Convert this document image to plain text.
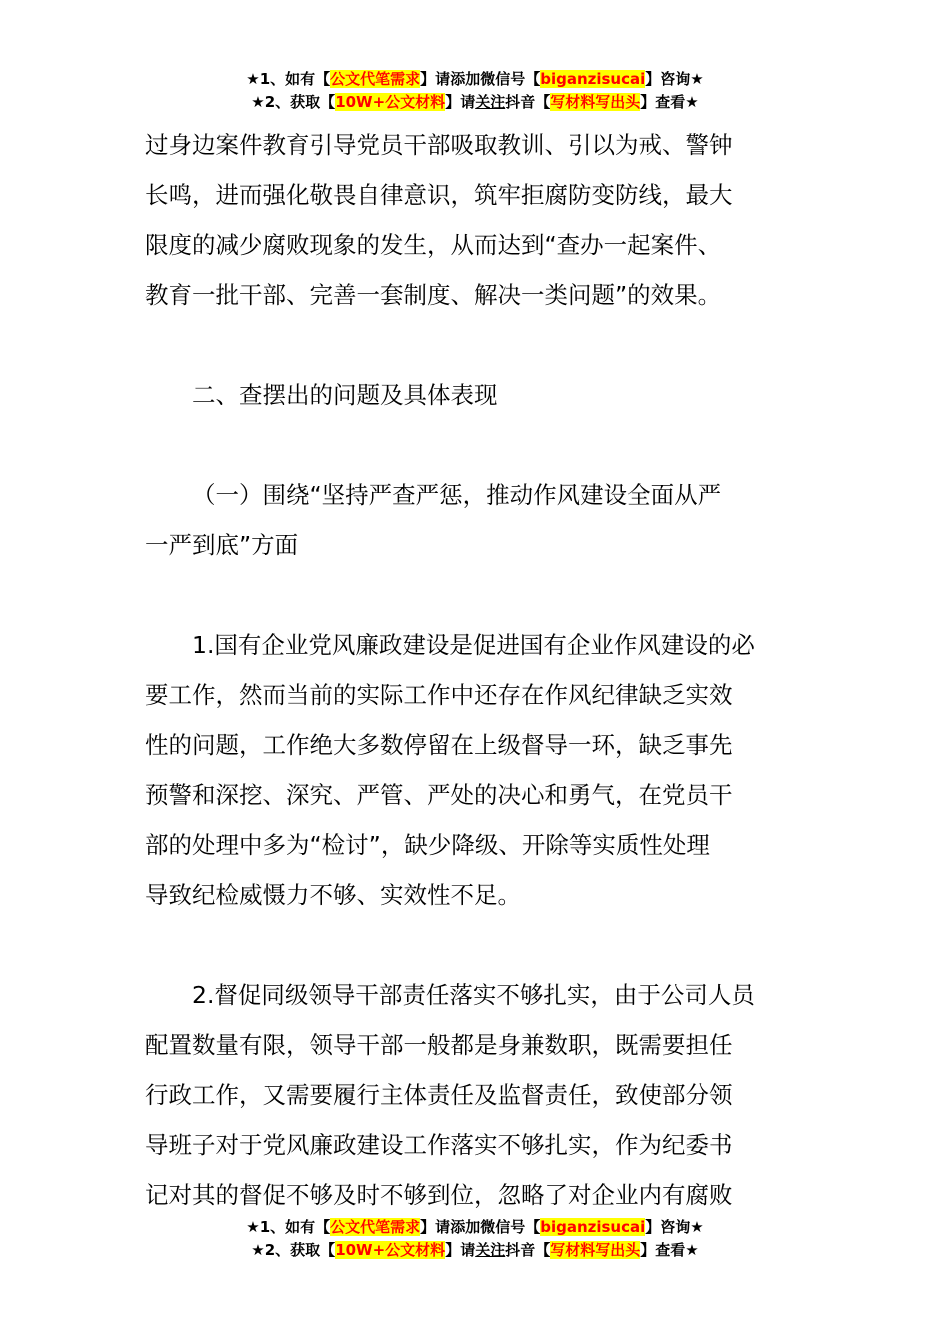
★1、如有【公文代笔需求】请添加微信号【biganzisucai】咨询★
★2、获取【10W+公文材料】请关注抖音【写材料写出头】查看★

过身边案件教育引导党员干部吸取教训、引以为戒、警钟
长鸣，进而强化敬畏自律意识，筑牢拒腐防变防线，最大
限度的减少腐败现象的发生，从而达到“查办一起案件、
教育一批干部、完善一套制度、解决一类问题”的效果。

二、查摆出的问题及具体表现

（一）围绕“坚持严查严惩，推动作风建设全面从严
一严到底”方面

1.国有企业党风廉政建设是促进国有企业作风建设的必
要工作，然而当前的实际工作中还存在作风纪律缺乏实效
性的问题，工作绝大多数停留在上级督导一环，缺乏事先
预警和深挖、深究、严管、严处的决心和勇气，在党员干
部的处理中多为“检讨”，缺少降级、开除等实质性处理
导致纪检威慑力不够、实效性不足。

2.督促同级领导干部责任落实不够扎实，由于公司人员
配置数量有限，领导干部一般都是身兼数职，既需要担任
行政工作，又需要履行主体责任及监督责任，致使部分领
导班子对于党风廉政建设工作落实不够扎实，作为纪委书
记对其的督促不够及时不够到位，忽略了对企业内有腐败

★1、如有【公文代笔需求】请添加微信号【biganzisucai】咨询★
★2、获取【10W+公文材料】请关注抖音【写材料写出头】查看★
